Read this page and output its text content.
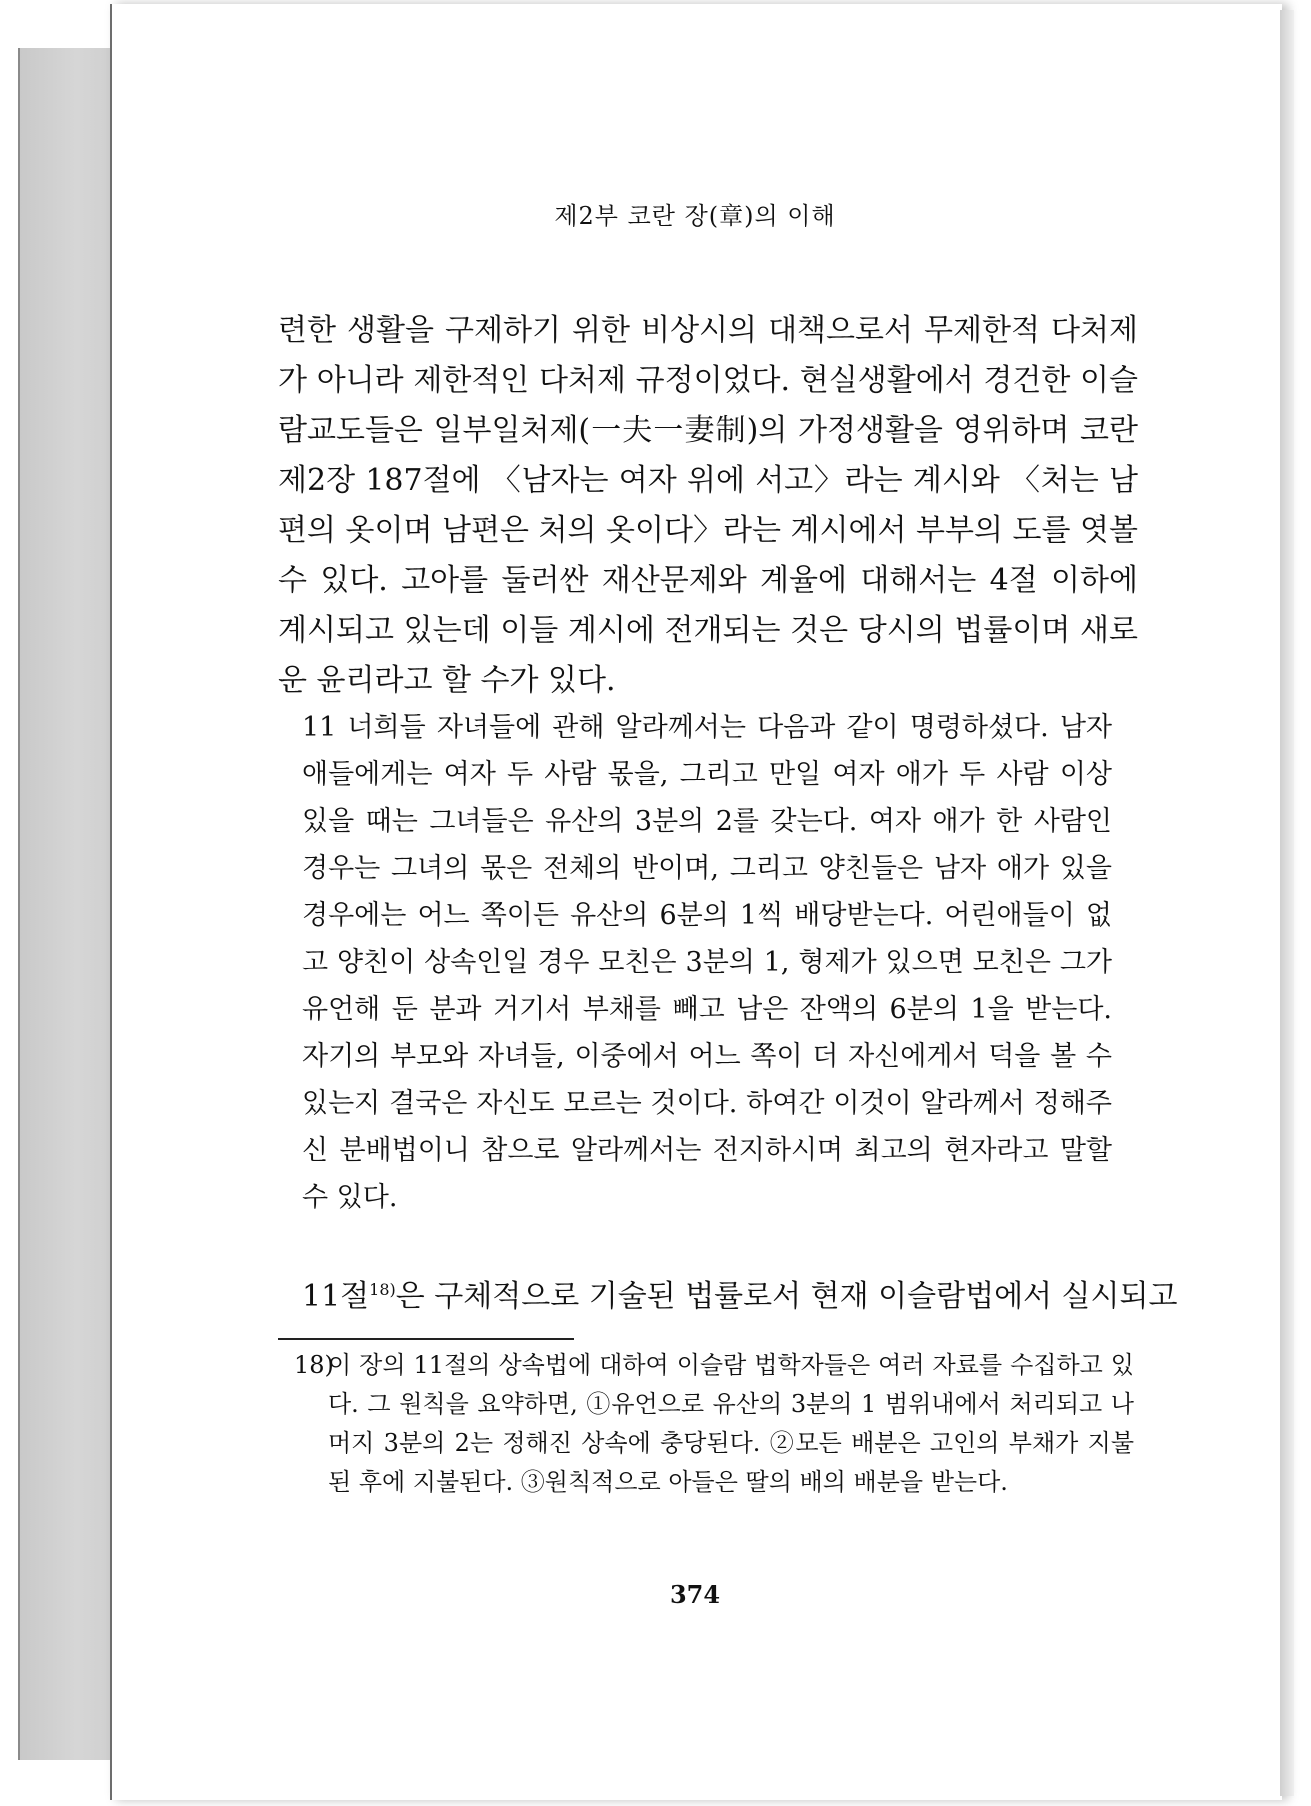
제2부 코란 장(章)의 이해
련한 생활을 구제하기 위한 비상시의 대책으로서 무제한적 다처제가 아니라 제한적인 다처제 규정이었다. 현실생활에서 경건한 이슬람교도들은 일부일처제(一夫一妻制)의 가정생활을 영위하며 코란 제2장 187절에 〈남자는 여자 위에 서고〉라는 계시와 〈처는 남편의 옷이며 남편은 처의 옷이다〉라는 계시에서 부부의 도를 엿볼 수 있다. 고아를 둘러싼 재산문제와 계율에 대해서는 4절 이하에 계시되고 있는데 이들 계시에 전개되는 것은 당시의 법률이며 새로운 윤리라고 할 수가 있다.
11 너희들 자녀들에 관해 알라께서는 다음과 같이 명령하셨다. 남자 애들에게는 여자 두 사람 몫을, 그리고 만일 여자 애가 두 사람 이상 있을 때는 그녀들은 유산의 3분의 2를 갖는다. 여자 애가 한 사람인 경우는 그녀의 몫은 전체의 반이며, 그리고 양친들은 남자 애가 있을 경우에는 어느 쪽이든 유산의 6분의 1씩 배당받는다. 어린애들이 없고 양친이 상속인일 경우 모친은 3분의 1, 형제가 있으면 모친은 그가 유언해 둔 분과 거기서 부채를 빼고 남은 잔액의 6분의 1을 받는다. 자기의 부모와 자녀들, 이중에서 어느 쪽이 더 자신에게서 덕을 볼 수 있는지 결국은 자신도 모르는 것이다. 하여간 이것이 알라께서 정해주신 분배법이니 참으로 알라께서는 전지하시며 최고의 현자라고 말할 수 있다.
11절$^{18)}$은 구체적으로 기술된 법률로서 현재 이슬람법에서 실시되고
18)
이 장의 11절의 상속법에 대하여 이슬람 법학자들은 여러 자료를 수집하고 있다. 그 원칙을 요약하면, ①유언으로 유산의 3분의 1 범위내에서 처리되고 나머지 3분의 2는 정해진 상속에 충당된다. ②모든 배분은 고인의 부채가 지불된 후에 지불된다. ③원칙적으로 아들은 딸의 배의 배분을 받는다.
374
